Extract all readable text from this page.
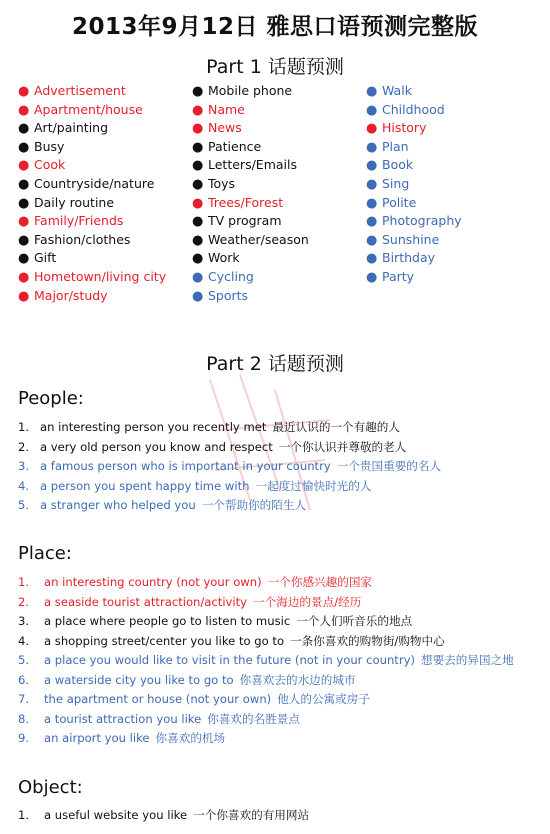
2013年9月12日 雅思口语预测完整版
Part 1 话题预测
● Advertisement
● Apartment/house
● Art/painting
● Busy
● Cook
● Countryside/nature
● Daily routine
● Family/Friends
● Fashion/clothes
● Gift
● Hometown/living city
● Major/study
● Mobile phone
● Name
● News
● Patience
● Letters/Emails
● Toys
● Trees/Forest
● TV program
● Weather/season
● Work
● Cycling
● Sports
● Walk
● Childhood
● History
● Plan
● Book
● Sing
● Polite
● Photography
● Sunshine
● Birthday
● Party
Part 2 话题预测
People:
1. an interesting person you recently met 最近认识的一个有趣的人
2. a very old person you know and respect 一个你认识并尊敬的老人
3. a famous person who is important in your country 一个贵国重要的名人
4. a person you spent happy time with 一起度过愉快时光的人
5. a stranger who helped you 一个帮助你的陌生人
Place:
1. an interesting country (not your own) 一个你感兴趣的国家
2. a seaside tourist attraction/activity 一个海边的景点/经历
3. a place where people go to listen to music 一个人们听音乐的地点
4. a shopping street/center you like to go to 一条你喜欢的购物街/购物中心
5. a place you would like to visit in the future (not in your country) 想要去的异国之地
6. a waterside city you like to go to 你喜欢去的水边的城市
7. the apartment or house (not your own) 他人的公寓或房子
8. a tourist attraction you like 你喜欢的名胜景点
9. an airport you like 你喜欢的机场
Object:
1. a useful website you like 一个你喜欢的有用网站
